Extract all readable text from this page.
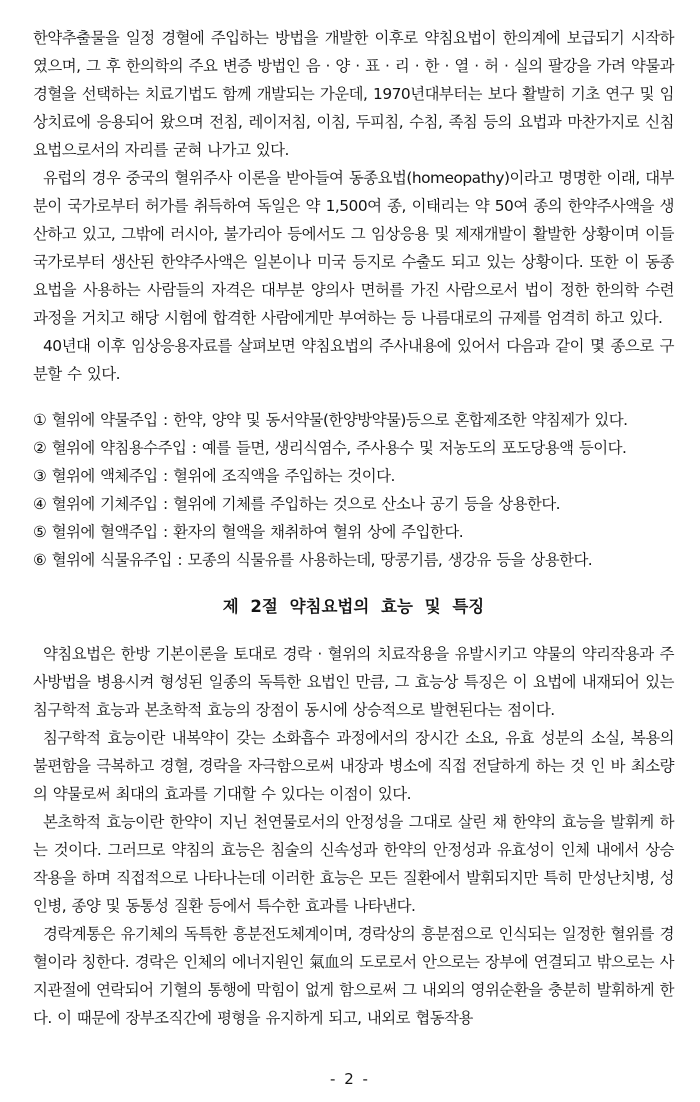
한약추출물을 일정 경혈에 주입하는 방법을 개발한 이후로 약침요법이 한의계에 보급되기 시작하였으며, 그 후 한의학의 주요 변증 방법인 음 · 양 · 표 · 리 · 한 · 열 · 허 · 실의 팔강을 가려 약물과 경혈을 선택하는 치료기법도 함께 개발되는 가운데, 1970년대부터는 보다 활발히 기초 연구 및 임상치료에 응용되어 왔으며 전침, 레이저침, 이침, 두피침, 수침, 족침 등의 요법과 마찬가지로 신침 요법으로서의 자리를 굳혀 나가고 있다.

유럽의 경우 중국의 혈위주사 이론을 받아들여 동종요법(homeopathy)이라고 명명한 이래, 대부분이 국가로부터 허가를 취득하여 독일은 약 1,500여 종, 이태리는 약 50여 종의 한약주사액을 생산하고 있고, 그밖에 러시아, 불가리아 등에서도 그 임상응용 및 제재개발이 활발한 상황이며 이들 국가로부터 생산된 한약주사액은 일본이나 미국 등지로 수출도 되고 있는 상황이다. 또한 이 동종요법을 사용하는 사람들의 자격은 대부분 양의사 면허를 가진 사람으로서 법이 정한 한의학 수련 과정을 거치고 해당 시험에 합격한 사람에게만 부여하는 등 나름대로의 규제를 엄격히 하고 있다.

40년대 이후 임상응용자료를 살펴보면 약침요법의 주사내용에 있어서 다음과 같이 몇 종으로 구분할 수 있다.

① 혈위에 약물주입 : 한약, 양약 및 동서약물(한양방약물)등으로 혼합제조한 약침제가 있다.
② 혈위에 약침용수주입 : 예를 들면, 생리식염수, 주사용수 및 저농도의 포도당용액 등이다.
③ 혈위에 액체주입 : 혈위에 조직액을 주입하는 것이다.
④ 혈위에 기체주입 : 혈위에 기체를 주입하는 것으로 산소나 공기 등을 상용한다.
⑤ 혈위에 혈액주입 : 환자의 혈액을 채취하여 혈위 상에 주입한다.
⑥ 혈위에 식물유주입 : 모종의 식물유를 사용하는데, 땅콩기름, 생강유 등을 상용한다.
제 2절 약침요법의 효능 및 특징

약침요법은 한방 기본이론을 토대로 경락 · 혈위의 치료작용을 유발시키고 약물의 약리작용과 주사방법을 병용시켜 형성된 일종의 독특한 요법인 만큼, 그 효능상 특징은 이 요법에 내재되어 있는 침구학적 효능과 본초학적 효능의 장점이 동시에 상승적으로 발현된다는 점이다.

침구학적 효능이란 내복약이 갖는 소화흡수 과정에서의 장시간 소요, 유효 성분의 소실, 복용의 불편함을 극복하고 경혈, 경락을 자극함으로써 내장과 병소에 직접 전달하게 하는 것 인 바 최소량의 약물로써 최대의 효과를 기대할 수 있다는 이점이 있다.

본초학적 효능이란 한약이 지닌 천연물로서의 안정성을 그대로 살린 채 한약의 효능을 발휘케 하는 것이다. 그러므로 약침의 효능은 침술의 신속성과 한약의 안정성과 유효성이 인체 내에서 상승작용을 하며 직접적으로 나타나는데 이러한 효능은 모든 질환에서 발휘되지만 특히 만성난치병, 성인병, 종양 및 동통성 질환 등에서 특수한 효과를 나타낸다.

경락계통은 유기체의 독특한 흥분전도체계이며, 경락상의 흥분점으로 인식되는 일정한 혈위를 경혈이라 칭한다. 경락은 인체의 에너지원인 氣血의 도로로서 안으로는 장부에 연결되고 밖으로는 사지관절에 연락되어 기혈의 통행에 막힘이 없게 함으로써 그 내외의 영위순환을 충분히 발휘하게 한다. 이 때문에 장부조직간에 평형을 유지하게 되고, 내외로 협동작용

- 2 -
